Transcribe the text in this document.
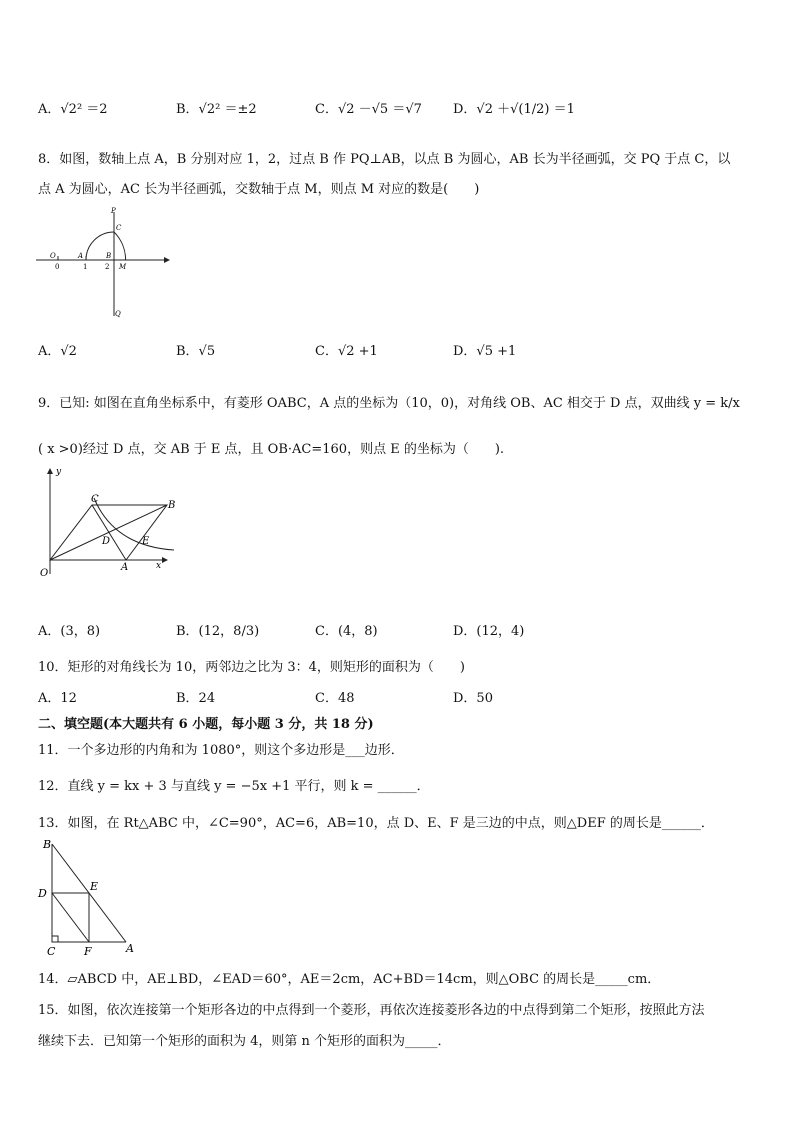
A．√2² ＝2	B．√2² ＝±2	C．√2 －√5 ＝√7 D．√2 ＋√(1/2) ＝1
8．如图，数轴上点 A，B 分别对应 1，2，过点 B 作 PQ⊥AB，以点 B 为圆心，AB 长为半径画弧，交 PQ 于点 C，以
点 A 为圆心，AC 长为半径画弧，交数轴于点 M，则点 M 对应的数是(　　)
P
C
O	A	B
M
0	1	2
Q
A．√2	B．√5	C．√2 +1	D．√5 +1
9．已知: 如图在直角坐标系中，有菱形 OABC，A 点的坐标为（10，0)，对角线 OB、AC 相交于 D 点，双曲线 y = k/x
( x >0)经过 D 点，交 AB 于 E 点，且 OB·AC=160，则点 E 的坐标为（　　).
y
C
B
D	E
O
A	x
A．(3，8)	B．(12，8/3)	C．(4，8)	D．(12，4)
10．矩形的对角线长为 10，两邻边之比为 3：4，则矩形的面积为（　　)
A．12	B．24	C．48	D．50
二、填空题(本大题共有 6 小题，每小题 3 分，共 18 分)
11．一个多边形的内角和为 1080°，则这个多边形是___边形．
12．直线 y = kx + 3 与直线 y = −5x +1 平行，则 k = ______．
13．如图，在 Rt△ABC 中，∠C=90°，AC=6，AB=10，点 D、E、F 是三边的中点，则△DEF 的周长是______．
B
D
E
C	F	A
14．▱ABCD 中，AE⊥BD，∠EAD＝60°，AE＝2cm，AC+BD＝14cm，则△OBC 的周长是_____cm．
15．如图，依次连接第一个矩形各边的中点得到一个菱形，再依次连接菱形各边的中点得到第二个矩形，按照此方法
继续下去．已知第一个矩形的面积为 4，则第 n 个矩形的面积为_____．
